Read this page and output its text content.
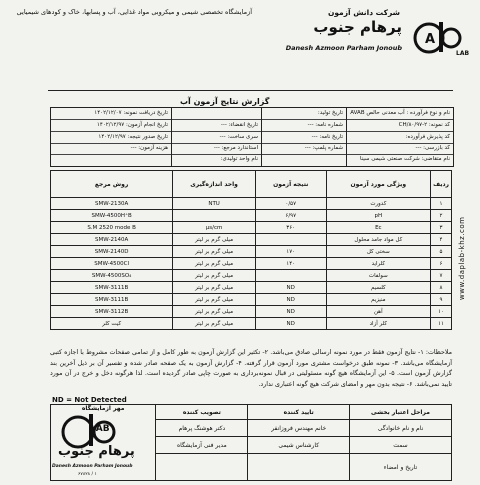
آزمایشگاه تخصصی شیمی و میکروبی مواد غذایی، آب و پسابها، خاک و کودهای شیمیایی	شرکت دانش آزمون
پرهام جنوب
Danesh Azmoon Parham Jonoub
A
LAB
www.daplab-khz.com
گزارش نتایج آزمون آب
نام و نوع فرآورده : آب معدنی حالص AVAB
تاریخ تولید:
تاریخ دریافت نمونه: ۱۴۰۲/۱۲/۰۷
کد نمونه: ۲-۹۷/CH/۸۰
شماره نامه: ---
تاریخ انقضاء: ---
تاریخ انجام آزمون: ۱۴۰۲/۱۲/۹۷
کد پذیرش فرآورده:
تاریخ نامه: ---
سری ساخت: ---
تاریخ صدور نتیجه: ۱۴۰۲/۱۲/۹۷
کد بازرسی: ---
شماره پلمپ: ---
استاندارد مرجع: ---
هزینه آزمون: ---
نام متقاضی: شرکت صنعتی شیمی سینا
نام واحد تولیدی:
ردیف	ویژگی مورد آزمون	نتیجه آزمون	واحد اندازه‌گیری	روش مرجع
۱	کدورت	۰/۵۷	NTU	SMW-2130A
۲	pH	۶/۹۷		SMW-4500H⁺B
۳	Ec	۳۶۰	µs/cm	S.M 2520 mode B
۴	کل مواد جامد محلول		میلی گرم بر لیتر	SMW-2140A
۵	سختی کل	۱۷۰	میلی گرم بر لیتر	SMW-2140D
۶	کلراید	۱۴۰	میلی گرم بر لیتر	SMW-4500Cl
۷	سولفات		میلی گرم بر لیتر	SMW-4500SO₄
۸	کلسیم	ND	میلی گرم بر لیتر	SMW-3111B
۹	منیزیم	ND	میلی گرم بر لیتر	SMW-3111B
۱۰	آهن	ND	میلی گرم بر لیتر	SMW-3112B
۱۱	کلر آزاد	ND	میلی گرم بر لیتر	کیت کلر
ملاحظات: ۱- نتایج آزمون فقط در مورد نمونه ارسالی صادق می‌باشد. ۲- تکثیر این گزارش آزمون به طور کامل و از تمامی صفحات مشروط با اجازه کتبی آزمایشگاه می‌باشد. ۳- نمونه طبق درخواست مشتری مورد آزمون قرار گرفته. ۴- گزارش آزمون به یک صفحه صادر شده و تفسیر آن بر ذیل آخرین بند گزارش آزمون است. ۵- این آزمایشگاه هیچ گونه مسئولیتی در قبال نمونه‌برداری به صورت چاپی صادر گردیده است. لذا هرگونه دخل و خرج در آن مورد تایید نمی‌باشد. ۶- نتیجه بدون مهر و امضای شرکت هیچ گونه اعتباری ندارد.
ND = Not Detected
مراحل اعتبار بخشی	تایید کننده	تصویب کننده	مهر آزمایشگاه
نام و نام خانوادگی	خانم مهندس فروزانفر	دکتر هوشنگ پرهام	
سمت	کارشناس شیمی	مدیر فنی آزمایشگاه	
تاریخ و امضاء			
LAB
پرهام جنوب
Danesh Azmoon Parham Jonoub
۶۷۸۲۸ / ۱
